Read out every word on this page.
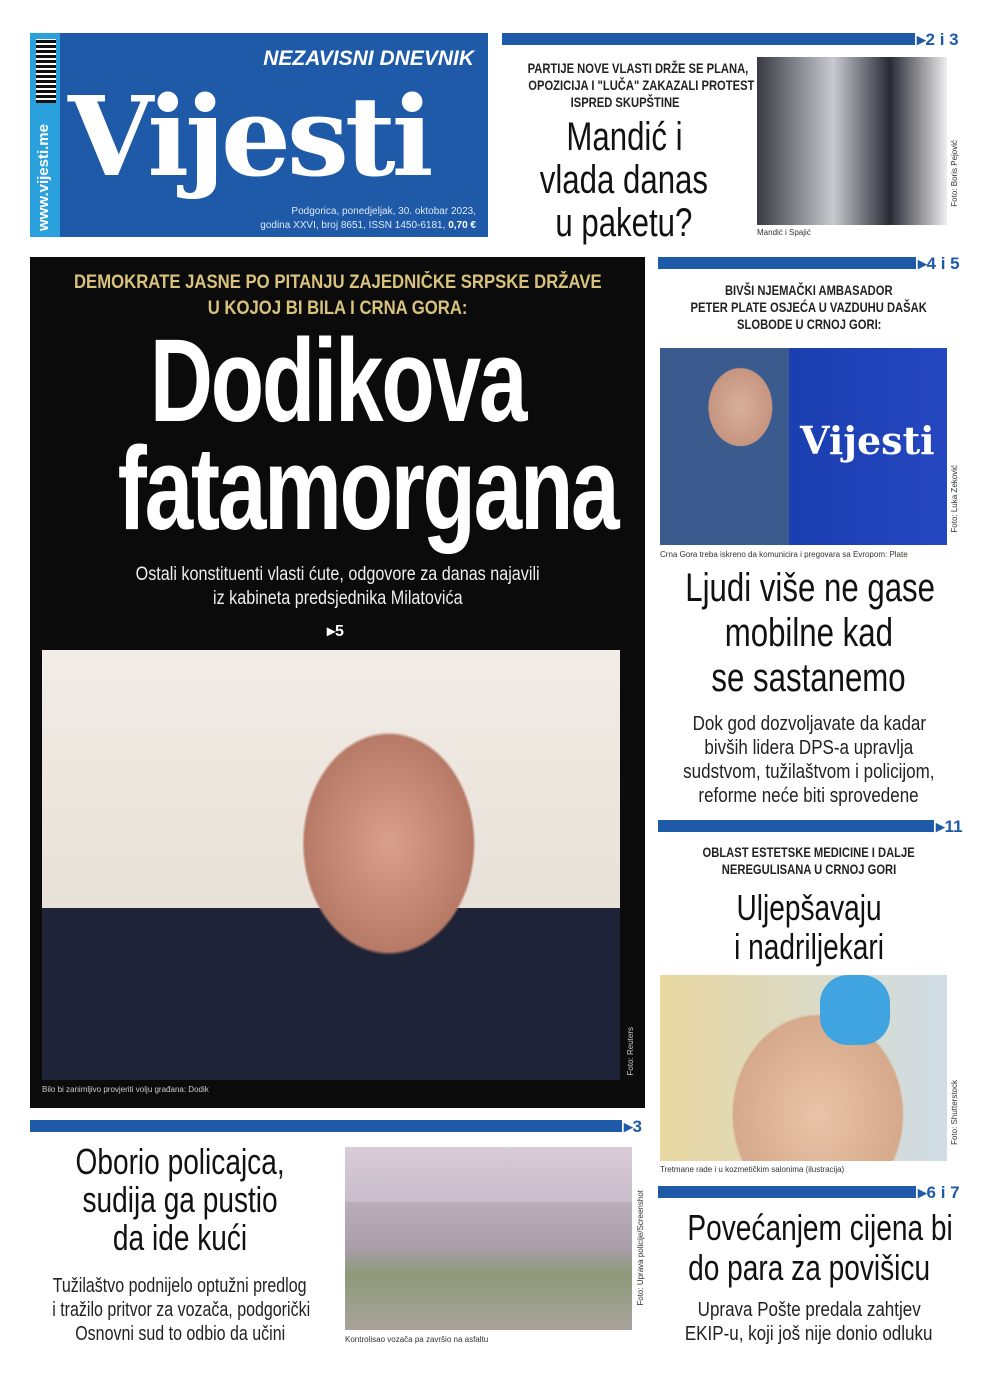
www.vijesti.me
NEZAVISNI DNEVNIK
Vijesti
Podgorica, ponedjeljak, 30. oktobar 2023,
godina XXVI, broj 8651, ISSN 1450-6181, 0,70 €
▸2 i 3
PARTIJE NOVE VLASTI DRŽE SE PLANA,
OPOZICIJA I "LUČA" ZAKAZALI PROTEST
ISPRED SKUPŠTINE
Mandić i
vlada danas
u paketu?	Mandić i Spajić
Foto: Boris Pejović
DEMOKRATE JASNE PO PITANJU ZAJEDNIČKE SRPSKE DRŽAVE
U KOJOJ BI BILA I CRNA GORA:
Dodikova
fatamorgana
Ostali konstituenti vlasti ćute, odgovore za danas najavili
iz kabineta predsjednika Milatovića
▸5
Bilo bi zanimljivo provjeriti volju građana: Dodik
Foto: Reuters
▸4 i 5
BIVŠI NJEMAČKI AMBASADOR
PETER PLATE OSJEĆA U VAZDUHU DAŠAK
SLOBODE U CRNOJ GORI:
Vijesti
Crna Gora treba iskreno da komunicira i pregovara sa Evropom: Plate
Foto: Luka Zeković
Ljudi više ne gase
mobilne kad
se sastanemo
Dok god dozvoljavate da kadar
bivših lidera DPS-a upravlja
sudstvom, tužilaštvom i policijom,
reforme neće biti sprovedene
▸11
OBLAST ESTETSKE MEDICINE I DALJE
NEREGULISANA U CRNOJ GORI
Uljepšavaju
i nadriljekari
Tretmane rade i u kozmetičkim salonima (ilustracija)
Foto: Shutterstock
▸6 i 7
Povećanjem cijena bi
do para za povišicu
Uprava Pošte predala zahtjev
EKIP-u, koji još nije donio odluku
▸3
Oborio policajca,
sudija ga pustio
da ide kući
Tužilaštvo podnijelo optužni predlog
i tražilo pritvor za vozača, podgorički
Osnovni sud to odbio da učini	Kontrolisao vozača pa završio na asfaltu
Foto: Uprava policije/Screenshot
